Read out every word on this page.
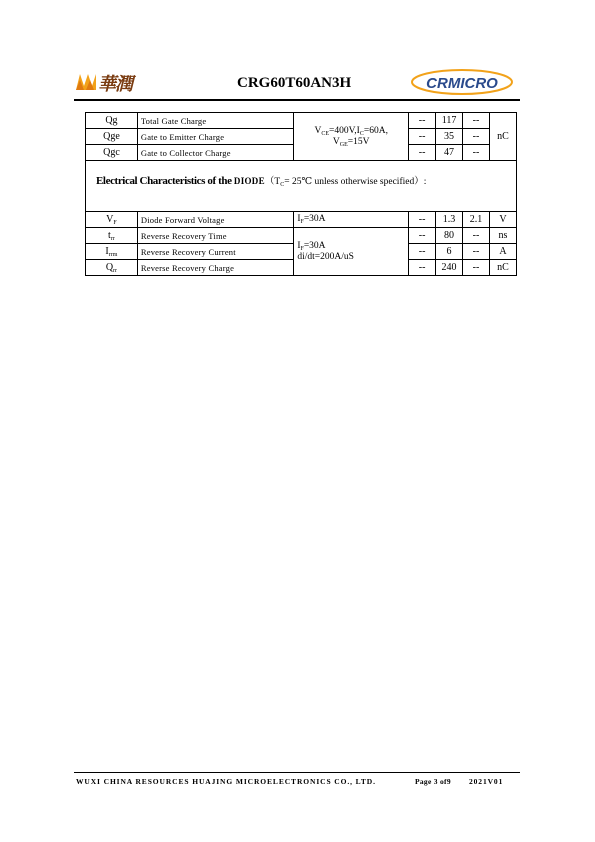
華潤	CRG60T60AN3H	CRMICRO
Qg	Total Gate Charge	$V_{CE}=400V,I_C=60A$,
$V_{GE}=15V$	--	117	--	nC
Qge	Gate to Emitter Charge		--	35	--	
Qgc	Gate to Collector Charge		--	47	--	
Electrical Characteristics of the $DIODE(T_C=$ 25℃ unless otherwise specified）:						
$V_F$	Diode Forward Voltage	$I_F=30A$	--	1.3	2.1	V
$t_{rr}$	Reverse Recovery Time	$I_F=30A$
di/dt=200A/uS	--	80	--	ns
$I_{rrm}$	Reverse Recovery Current		--	6	--	A
$Q_{rr}$	Reverse Recovery Charge		--	240	--	nC
WUXI CHINA RESOURCES HUAJING MICROELECTRONICS CO., LTD.	Page 3 of9 2021V01
